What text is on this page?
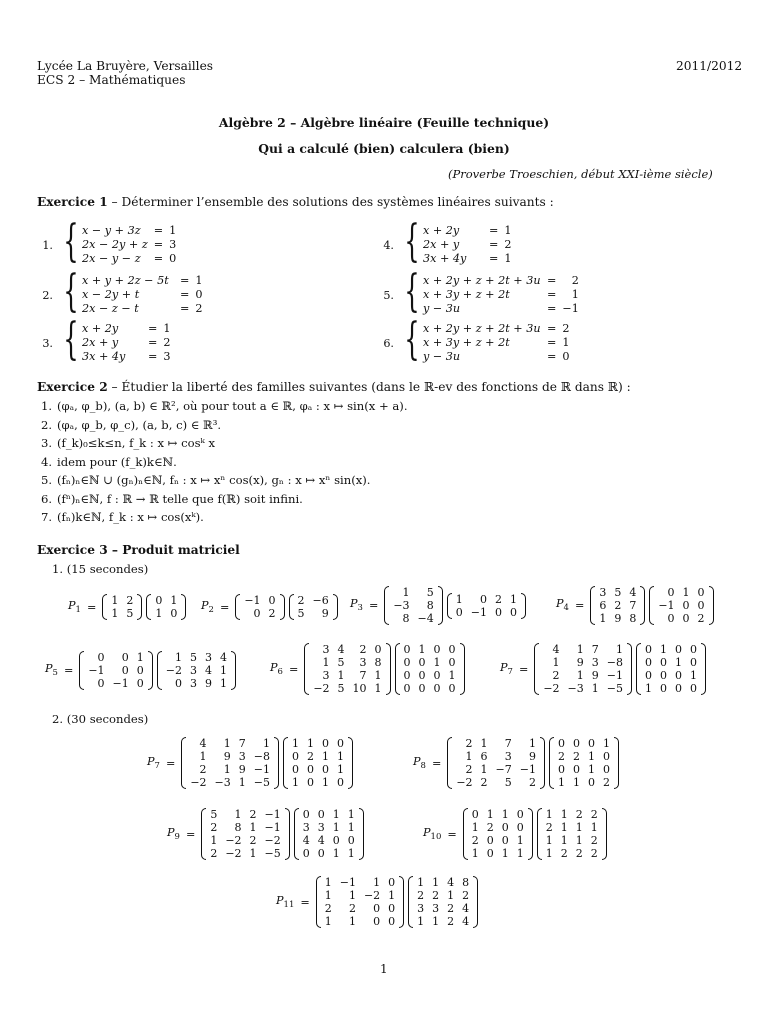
Lycée La Bruyère, Versailles
ECS 2 – Mathématiques
2011/2012
Algèbre 2 – Algèbre linéaire (Feuille technique)
Qui a calculé (bien) calculera (bien)
(Proverbe Troeschien, début XXI-ième siècle)
Exercice 1 – Déterminer l’ensemble des solutions des systèmes linéaires suivants :
1. { x − y + 3z	=	1
2x − 2y + z	=	3
2x − y − z	=	0
2. { x + y + 2z − 5t	=	1
x − 2y + t	=	0
2x − z − t	=	2
3. { x + 2y	=	1
2x + y	=	2
3x + 4y	=	3
4. { x + 2y	=	1
2x + y	=	2
3x + 4y	=	1
5. { x + 2y + z + 2t + 3u	=	2
x + 3y + z + 2t	=	1
y − 3u	=	−1
6. { x + 2y + z + 2t + 3u	=	2
x + 3y + z + 2t	=	1
y − 3u	=	0
Exercice 2 – Étudier la liberté des familles suivantes (dans le ℝ-ev des fonctions de ℝ dans ℝ) :
1. (φₐ, φ_b), (a, b) ∈ ℝ², où pour tout a ∈ ℝ, φₐ : x ↦ sin(x + a).
2. (φₐ, φ_b, φ_c), (a, b, c) ∈ ℝ³.
3. (f_k)₀≤k≤n, f_k : x ↦ cosᵏ x
4. idem pour (f_k)k∈ℕ.
5. (fₙ)ₙ∈ℕ ∪ (gₙ)ₙ∈ℕ, fₙ : x ↦ xⁿ cos(x), gₙ : x ↦ xⁿ sin(x).
6. (fⁿ)ₙ∈ℕ, f : ℝ → ℝ telle que f(ℝ) soit infini.
7. (fₙ)k∈ℕ, f_k : x ↦ cos(xᵏ).
Exercice 3 – Produit matriciel
1. (15 secondes)
2. (30 secondes)
$P_1 = 1$	2
1	5
0	1
1	0
$P_2 = -1$	0
0	2
2	−6
5	9
$P_3$ =
1	5
−3	8
8	−4
1	0	2	1
0	−1	0	0
$P_4$ =
3	5	4
6	2	7
1	9	8
0	1	0
−1	0	0
0	0	2
$P_5$ =
0	0	1
−1	0	0
0	−1	0
1	5	3	4
−2	3	4	1
0	3	9	1
$P_6$ =
3	4	2	0
1	5	3	8
3	1	7	1
−2	5	10	1
0	1	0	0
0	0	1	0
0	0	0	1
0	0	0	0
$P_7$ =
4	1	7	1
1	9	3	−8
2	1	9	−1
−2	−3	1	−5
0	1	0	0
0	0	1	0
0	0	0	1
1	0	0	0
$P_7$ =
4	1	7	1
1	9	3	−8
2	1	9	−1
−2	−3	1	−5
1	1	0	0
0	2	1	1
0	0	0	1
1	0	1	0
$P_8$ =
2	1	7	1
1	6	3	9
2	1	−7	−1
−2	2	5	2
0	0	0	1
2	2	1	0
0	0	1	0
1	1	0	2
$P_9$ =
5	1	2	−1
2	8	1	−1
1	−2	2	−2
2	−2	1	−5
0	0	1	1
3	3	1	1
4	4	0	0
0	0	1	1
$P_{10}$ =
0	1	1	0
1	2	0	0
2	0	0	1
1	0	1	1
1	1	2	2
2	1	1	1
1	1	1	2
1	2	2	2
$P_{11}$ =
1	−1	1	0
1	1	−2	1
2	2	0	0
1	1	0	0
1	1	4	8
2	2	1	2
3	3	2	4
1	1	2	4
1
